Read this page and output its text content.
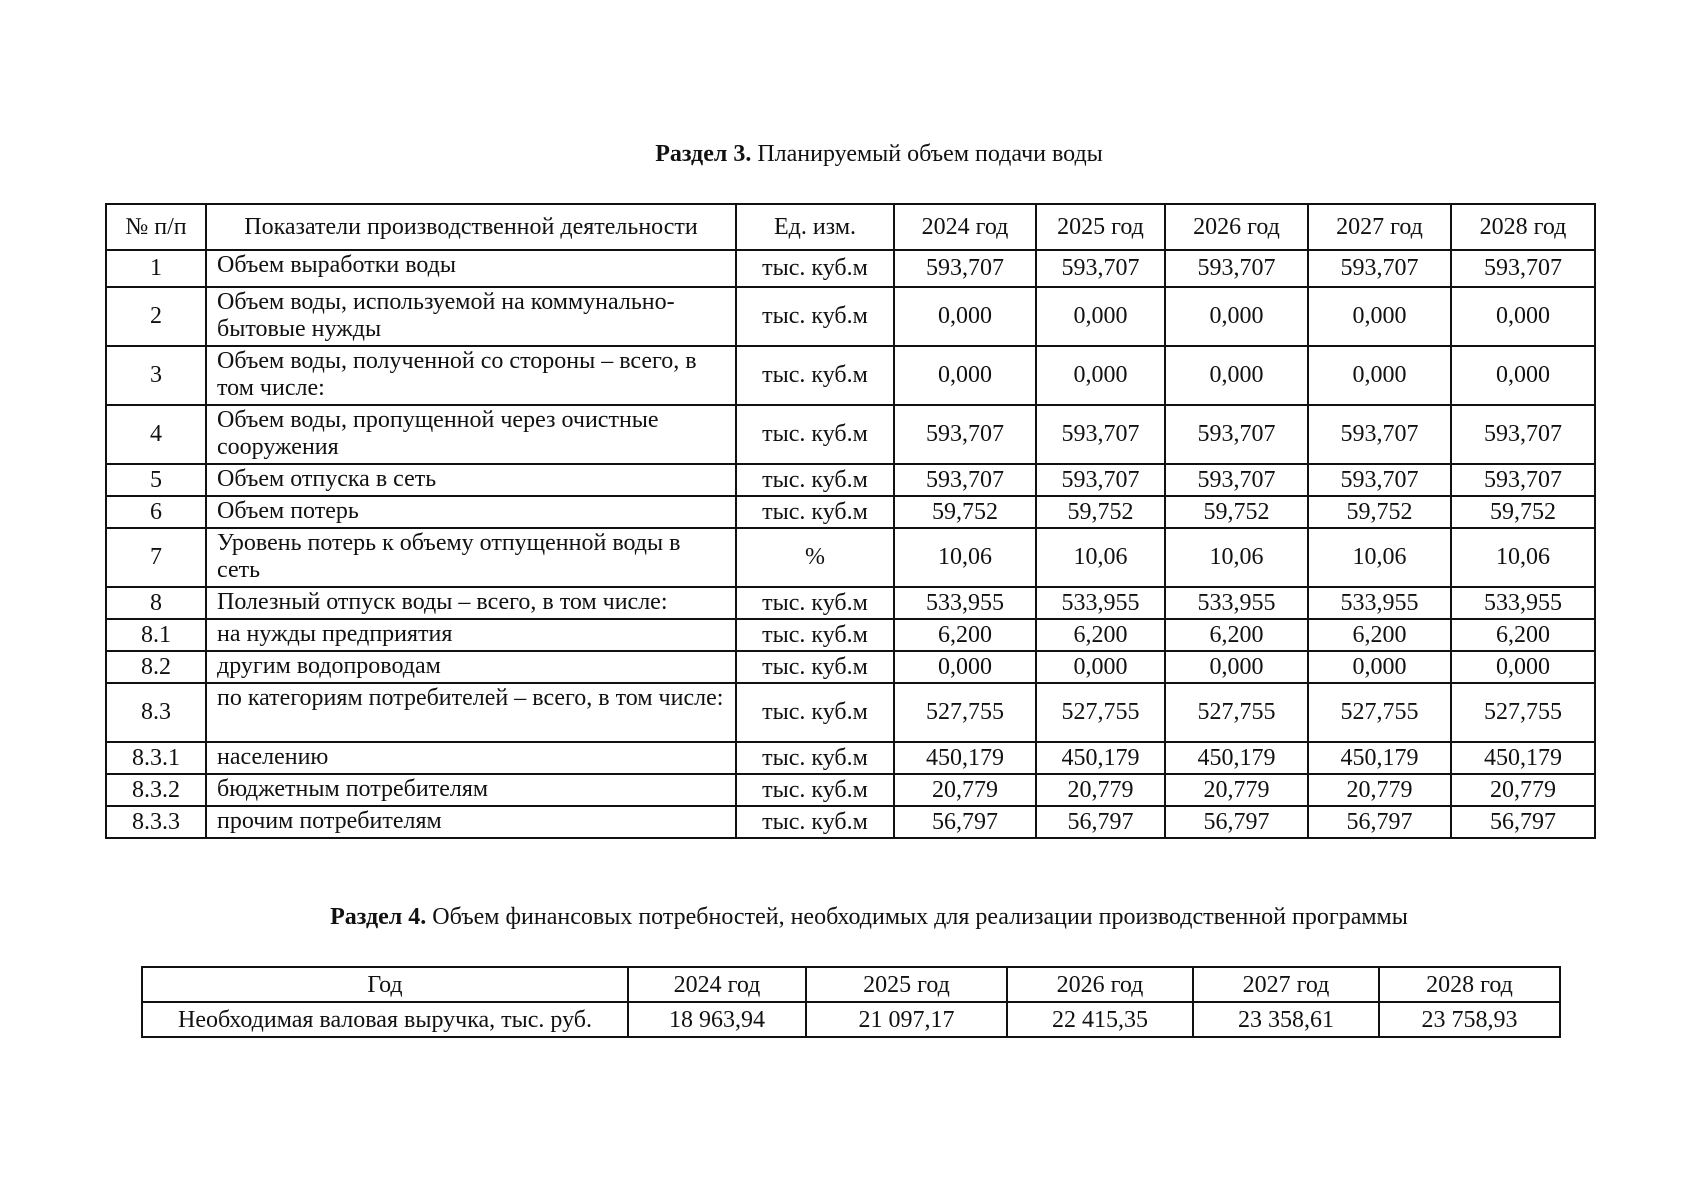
Раздел 3. Планируемый объем подачи воды
№ п/п	Показатели производственной деятельности	Ед. изм.	2024 год	2025 год	2026 год	2027 год	2028 год
1	Объем выработки воды	тыс. куб.м	593,707	593,707	593,707	593,707	593,707
2	Объем воды, используемой на коммунально-бытовые нужды	тыс. куб.м	0,000	0,000	0,000	0,000	0,000
3	Объем воды, полученной со стороны – всего, в том числе:	тыс. куб.м	0,000	0,000	0,000	0,000	0,000
4	Объем воды, пропущенной через очистные сооружения	тыс. куб.м	593,707	593,707	593,707	593,707	593,707
5	Объем отпуска в сеть	тыс. куб.м	593,707	593,707	593,707	593,707	593,707
6	Объем потерь	тыс. куб.м	59,752	59,752	59,752	59,752	59,752
7	Уровень потерь к объему отпущенной воды в сеть	%	10,06	10,06	10,06	10,06	10,06
8	Полезный отпуск воды – всего, в том числе:	тыс. куб.м	533,955	533,955	533,955	533,955	533,955
8.1	на нужды предприятия	тыс. куб.м	6,200	6,200	6,200	6,200	6,200
8.2	другим водопроводам	тыс. куб.м	0,000	0,000	0,000	0,000	0,000
8.3	по категориям потребителей – всего, в том числе:	тыс. куб.м	527,755	527,755	527,755	527,755	527,755
8.3.1	населению	тыс. куб.м	450,179	450,179	450,179	450,179	450,179
8.3.2	бюджетным потребителям	тыс. куб.м	20,779	20,779	20,779	20,779	20,779
8.3.3	прочим потребителям	тыс. куб.м	56,797	56,797	56,797	56,797	56,797
Раздел 4. Объем финансовых потребностей, необходимых для реализации производственной программы
Год	2024 год	2025 год	2026 год	2027 год	2028 год
Необходимая валовая выручка, тыс. руб.	18 963,94	21 097,17	22 415,35	23 358,61	23 758,93
